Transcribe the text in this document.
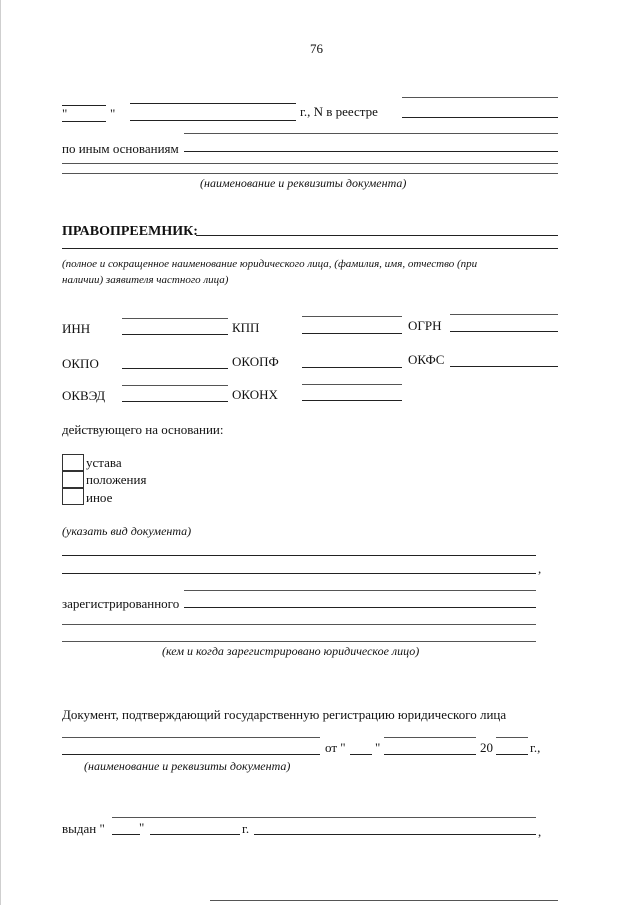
76
"	"	г., N в реестре
по иным основаниям
(наименование и реквизиты документа)
ПРАВОПРЕЕМНИК:
(полное и сокращенное наименование юридического лица, (фамилия, имя, отчество (при
наличии) заявителя частного лица)
ИНН	КПП	ОГРН
ОКПО	ОКОПФ	ОКФС
ОКВЭД	ОКОНХ
действующего на основании:
устава
положения
иное
(указать вид документа)
,
зарегистрированного
(кем и когда зарегистрировано юридическое лицо)
Документ, подтверждающий государственную регистрацию юридического лица
от " "	20	г.,
(наименование и реквизиты документа)
выдан "	"	г.	,
